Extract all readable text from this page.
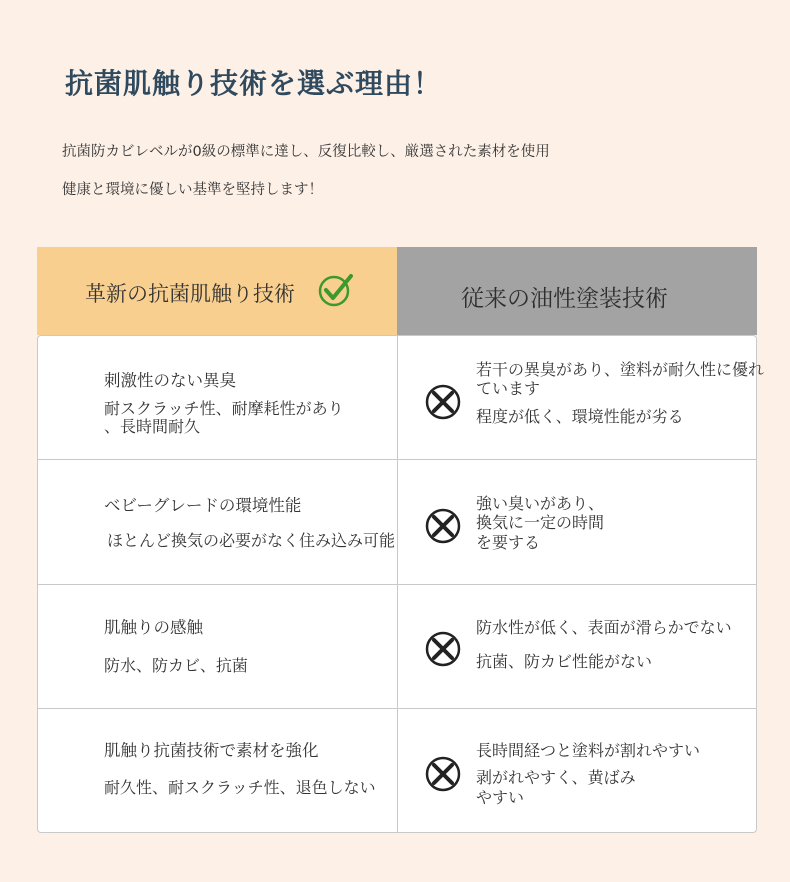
抗菌肌触り技術を選ぶ理由！
抗菌防カビレベルが0級の標準に達し、反復比較し、厳選された素材を使用
健康と環境に優しい基準を堅持します！
革新の抗菌肌触り技術	従来の油性塗装技術
刺激性のない異臭
耐スクラッチ性、耐摩耗性があり
、長時間耐久
若干の異臭があり、塗料が耐久性に優れ
ています
程度が低く、環境性能が劣る
ベビーグレードの環境性能
ほとんど換気の必要がなく住み込み可能
強い臭いがあり、
換気に一定の時間
を要する
肌触りの感触
防水、防カビ、抗菌
防水性が低く、表面が滑らかでない
抗菌、防カビ性能がない
肌触り抗菌技術で素材を強化
耐久性、耐スクラッチ性、退色しない
長時間経つと塗料が割れやすい
剥がれやすく、黄ばみ
やすい
